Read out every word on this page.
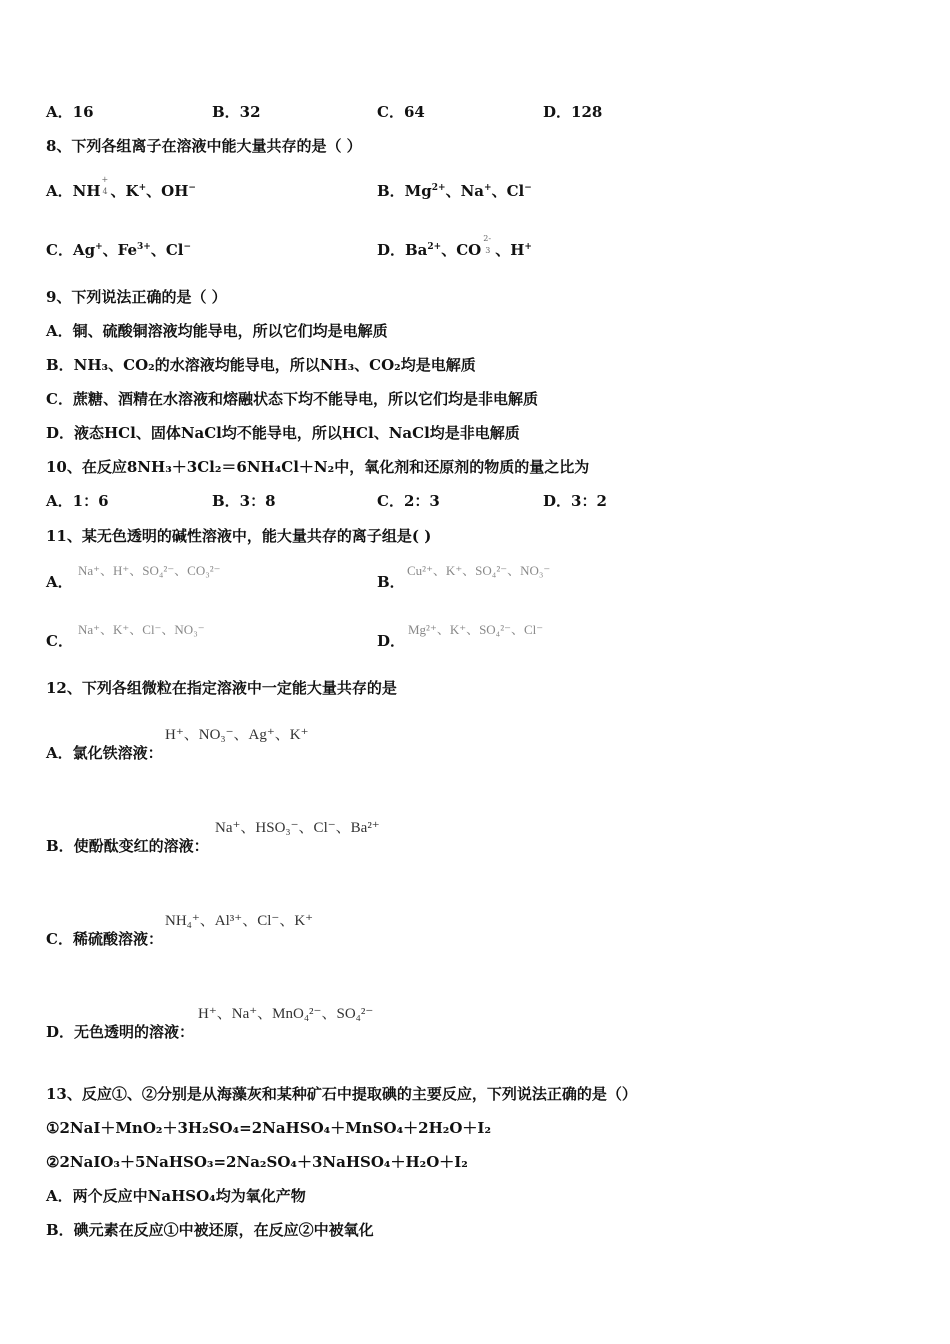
A．16	B．32	C．64	D．128
8、下列各组离子在溶液中能大量共存的是（ ）
A．NH
+
4 、K+、OH−	B．$Mg^{2+}$、Na+、Cl−
C．Ag+、$Fe^{3+}$、Cl−	D．$Ba^{2+}$、CO
2-
3 、H+
9、下列说法正确的是（ ）
A．铜、硫酸铜溶液均能导电，所以它们均是电解质
B．NH₃、CO₂的水溶液均能导电，所以NH₃、CO₂均是电解质
C．蔗糖、酒精在水溶液和熔融状态下均不能导电，所以它们均是非电解质
D．液态HCl、固体NaCl均不能导电，所以HCl、NaCl均是非电解质
10、在反应8NH₃＋3Cl₂＝6NH₄Cl＋N₂中，氧化剂和还原剂的物质的量之比为
A．1：6	B．3：8	C．2：3	D．3：2
11、某无色透明的碱性溶液中，能大量共存的离子组是( )
A．
Na⁺、H⁺、SO₄²⁻、CO₃²⁻
B．
Cu²⁺、K⁺、SO₄²⁻、NO₃⁻
C．
Na⁺、K⁺、Cl⁻、NO₃⁻
D．
Mg²⁺、K⁺、SO₄²⁻、Cl⁻
12、下列各组微粒在指定溶液中一定能大量共存的是
A．氯化铁溶液：
H⁺、NO₃⁻、Ag⁺、K⁺
B．使酚酞变红的溶液：
Na⁺、HSO₃⁻、Cl⁻、Ba²⁺
C．稀硫酸溶液：
NH₄⁺、Al³⁺、Cl⁻、K⁺
D．无色透明的溶液：
H⁺、Na⁺、MnO₄²⁻、SO₄²⁻
13、反应①、②分别是从海藻灰和某种矿石中提取碘的主要反应，下列说法正确的是（）
①2NaI＋MnO₂＋3H₂SO₄=2NaHSO₄＋MnSO₄＋2H₂O＋I₂
②2NaIO₃＋5NaHSO₃=2Na₂SO₄＋3NaHSO₄＋H₂O＋I₂
A．两个反应中NaHSO₄均为氧化产物
B．碘元素在反应①中被还原，在反应②中被氧化
